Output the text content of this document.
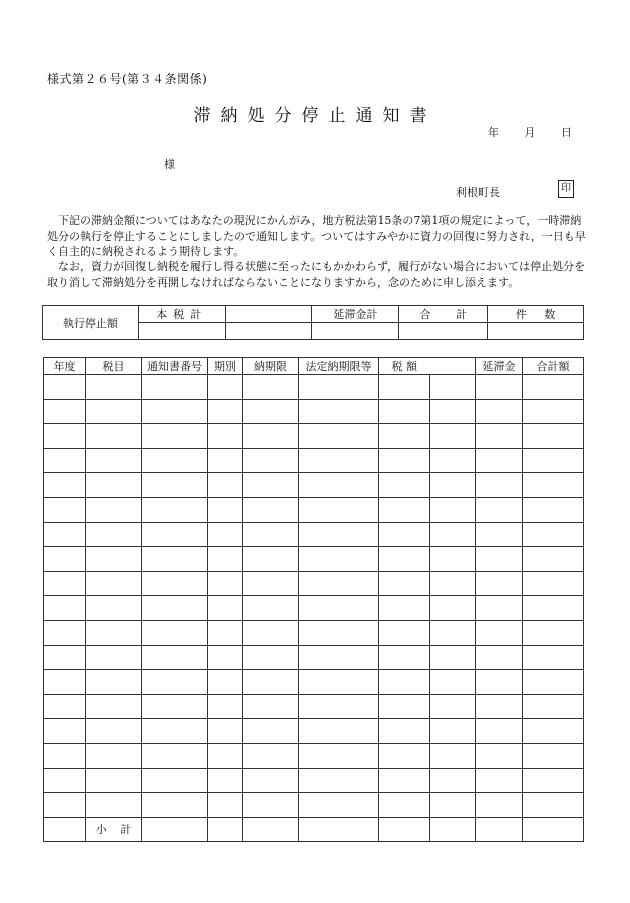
様式第２６号(第３４条関係)
滞納処分停止通知書
年 月 日
様
利根町長	印

下記の滞納金額についてはあなたの現況にかんがみ，地方税法第15条の7第1項の規定によって，一時滞納処分の執行を停止することにしましたので通知します。ついてはすみやかに資力の回復に努力され，一日も早く自主的に納税されるよう期待します。

なお，資力が回復し納税を履行し得る状態に至ったにもかかわらず，履行がない場合においては停止処分を取り消して滞納処分を再開しなければならないことになりますから，念のために申し添えます。

執行停止額	本税計		延滞金計	合 計	件 数

年度	税目	通知書番号	期別	納期限	法定納期限等	税 額		延滞金	合計額

	小 計								
